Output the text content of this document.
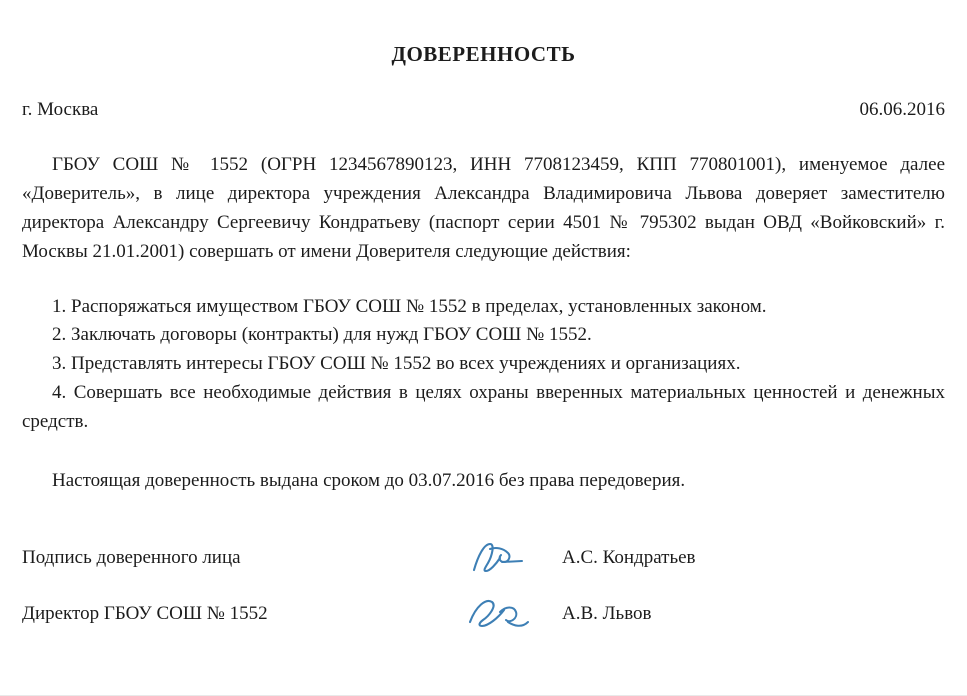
ДОВЕРЕННОСТЬ
г. Москва	06.06.2016

ГБОУ СОШ № 1552 (ОГРН 1234567890123, ИНН 7708123459, КПП 770801001), именуемое далее «Доверитель», в лице директора учреждения Александра Владимировича Львова доверяет заместителю директора Александру Сергеевичу Кондратьеву (паспорт серии 4501 № 795302 выдан ОВД «Войковский» г. Москвы 21.01.2001) совершать от имени Доверителя следующие действия:

1. Распоряжаться имуществом ГБОУ СОШ № 1552 в пределах, установленных законом.

2. Заключать договоры (контракты) для нужд ГБОУ СОШ № 1552.

3. Представлять интересы ГБОУ СОШ № 1552 во всех учреждениях и организациях.

4. Совершать все необходимые действия в целях охраны вверенных материальных ценностей и денежных средств.

Настоящая доверенность выдана сроком до 03.07.2016 без права передоверия.

Подпись доверенного лица	А.С. Кондратьев
Директор ГБОУ СОШ № 1552	А.В. Львов
